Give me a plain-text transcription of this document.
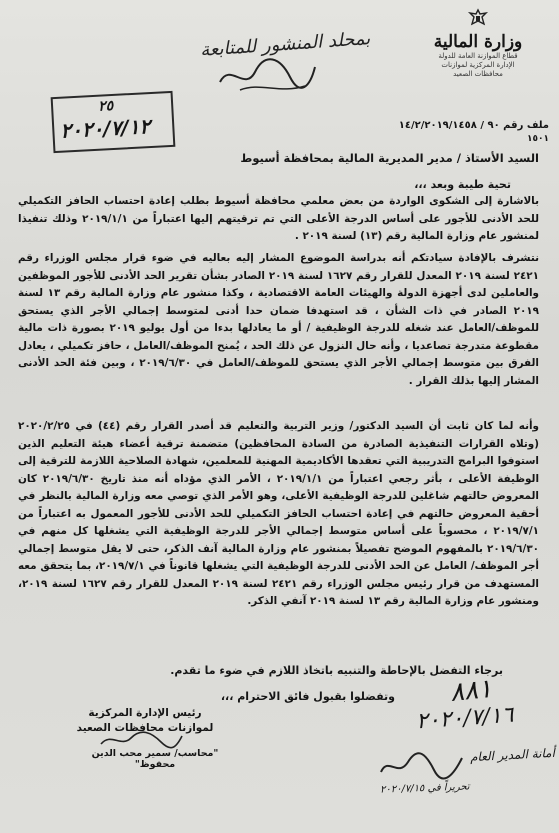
وزارة المالية
قطاع الموازنة العامة للدولة
الإدارة المركزية لموازنات
محافظات الصعيد
ملف رقم ٩٠ / ١٤/٢/٢٠١٩/١٤٥٨
١٥٠١
بمحلد المنشور للمتابعة
٢٥
٢٠٢٠/٧/١٢
السيد الأستاذ / مدير المديرية المالية بمحافظة أسيوط
تحية طيبة وبعد ،،،
بالاشارة إلى الشكوى الواردة من بعض معلمي محافظة أسيوط بطلب إعادة احتساب الحافز التكميلي للحد الأدنى للأجور على أساس الدرجة الأعلى التي تم ترقيتهم إليها اعتباراً من ٢٠١٩/١/١ وذلك تنفيذا لمنشور عام وزارة المالية رقم (١٣) لسنة ٢٠١٩ .
نتشرف بالإفادة سيادتكم أنه بدراسة الموضوع المشار إليه بعاليه في ضوء قرار مجلس الوزراء رقم ٢٤٢١ لسنة ٢٠١٩ المعدل للقرار رقم ١٦٢٧ لسنة ٢٠١٩ الصادر بشأن تقرير الحد الأدنى للأجور الموظفين والعاملين لدى أجهزة الدولة والهيئات العامة الاقتصادية ، وكذا منشور عام وزارة المالية رقم ١٣ لسنة ٢٠١٩ الصادر في ذات الشأن ، قد استهدفا ضمان حدا أدنى لمتوسط إجمالي الأجر الذي يستحق للموظف/العامل عند شغله للدرجة الوظيفية / أو ما يعادلها بدءا من أول يوليو ٢٠١٩ بصورة ذات مالية مقطوعة متدرجة تصاعديا ، وأنه حال النزول عن ذلك الحد ، يُمنح الموظف/العامل ، حافز تكميلي ، يعادل الفرق بين متوسط إجمالي الأجر الذي يستحق للموظف/العامل في ٢٠١٩/٦/٣٠ ، وبين فئة الحد الأدنى المشار إليها بذلك القرار .
وأنه لما كان ثابت أن السيد الدكتور/ وزير التربية والتعليم قد أصدر القرار رقم (٤٤) في ٢٠٢٠/٢/٢٥ (وتلاه القرارات التنفيذية الصادرة من السادة المحافظين) متضمنة ترقية أعضاء هيئة التعليم الذين استوفوا البرامج التدريبية التي تعقدها الأكاديمية المهنية للمعلمين، شهادة الصلاحية اللازمة للترقية إلى الوظيفة الأعلى ، بأثر رجعي اعتباراً من ٢٠١٩/١/١ ، الأمر الذي مؤداه أنه منذ تاريخ ٢٠١٩/٦/٣٠ كان المعروض حالتهم شاغلين للدرجة الوظيفية الأعلى، وهو الأمر الذي توصي معه وزارة المالية بالنظر في أحقية المعروض حالتهم في إعادة احتساب الحافز التكميلي للحد الأدنى للأجور المعمول به اعتباراً من ٢٠١٩/٧/١ ، محسوباً على أساس متوسط إجمالي الأجر للدرجة الوظيفية التي يشغلها كل منهم في ٢٠١٩/٦/٣٠ بالمفهوم الموضح تفصيلاً بمنشور عام وزارة المالية آنف الذكر، حتى لا يقل متوسط إجمالي أجر الموظف/ العامل عن الحد الأدنى للدرجة الوظيفية التي يشغلها قانوناً في ٢٠١٩/٧/١، بما يتحقق معه المستهدف من قرار رئيس مجلس الوزراء رقم ٢٤٢١ لسنة ٢٠١٩ المعدل للقرار رقم ١٦٢٧ لسنة ٢٠١٩، ومنشور عام وزارة المالية رقم ١٣ لسنة ٢٠١٩ آنفي الذكر.
برجاء التفضل بالإحاطة والتنبيه باتخاذ اللازم في ضوء ما تقدم.
وتفضلوا بقبول فائق الاحترام ،،،
رئيس الإدارة المركزية
لموازنات محافظات الصعيد
"محاسب/ سمير محب الدين محفوظ"
٨٨١
٢٠٢٠/٧/١٦
أمانة المدير العام
تحريراً في ٢٠٢٠/٧/١٥
